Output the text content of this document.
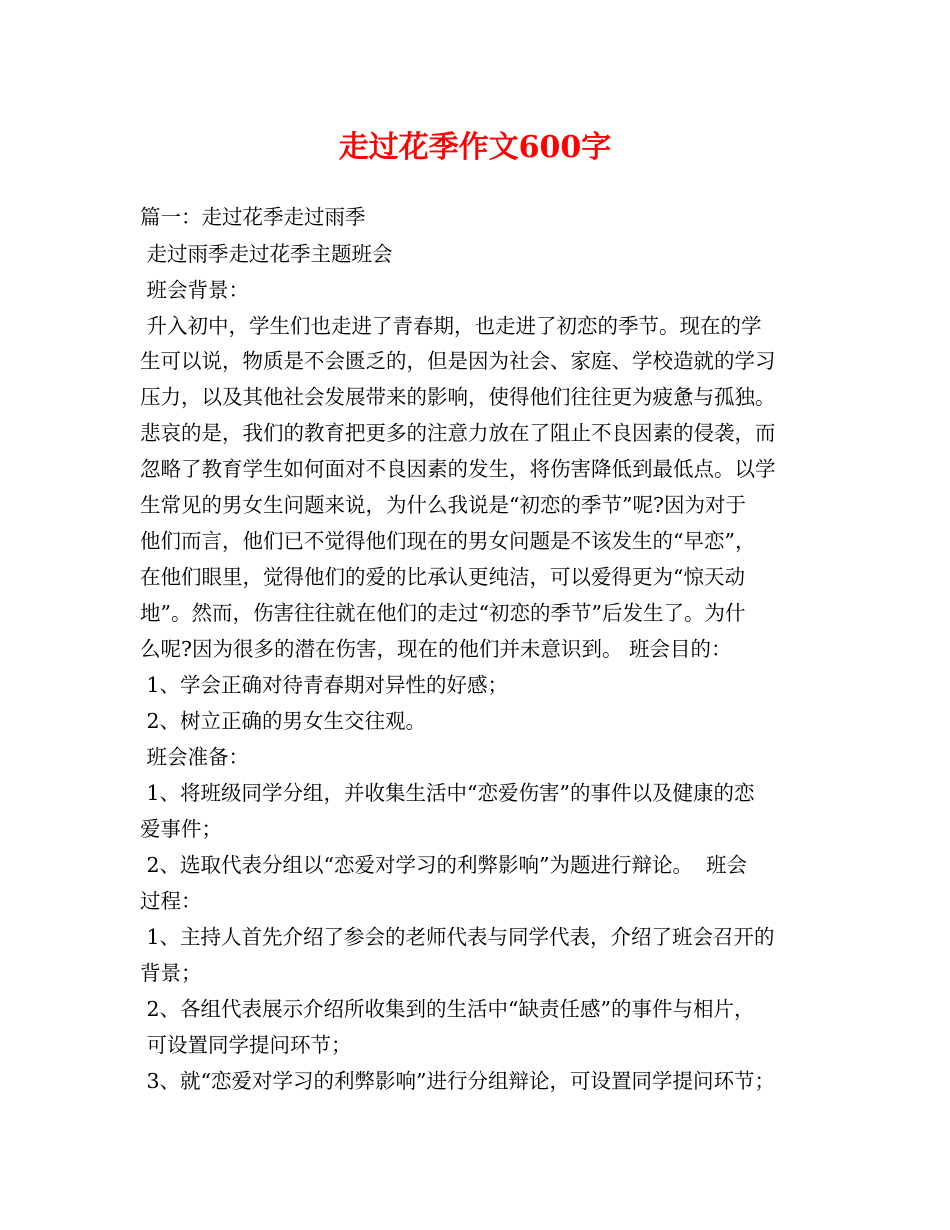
走过花季作文600字

篇一：走过花季走过雨季

走过雨季走过花季主题班会

班会背景：

升入初中，学生们也走进了青春期，也走进了初恋的季节。现在的学

生可以说，物质是不会匮乏的，但是因为社会、家庭、学校造就的学习

压力，以及其他社会发展带来的影响，使得他们往往更为疲惫与孤独。

悲哀的是，我们的教育把更多的注意力放在了阻止不良因素的侵袭，而

忽略了教育学生如何面对不良因素的发生，将伤害降低到最低点。以学

生常见的男女生问题来说，为什么我说是“初恋的季节”呢?因为对于

他们而言，他们已不觉得他们现在的男女问题是不该发生的“早恋”，

在他们眼里，觉得他们的爱的比承认更纯洁，可以爱得更为“惊天动

地”。然而，伤害往往就在他们的走过“初恋的季节”后发生了。为什

么呢?因为很多的潜在伤害，现在的他们并未意识到。 班会目的：

1、学会正确对待青春期对异性的好感；

2、树立正确的男女生交往观。

班会准备：

1、将班级同学分组，并收集生活中“恋爱伤害”的事件以及健康的恋

爱事件；

2、选取代表分组以“恋爱对学习的利弊影响”为题进行辩论。  班会

过程：

1、主持人首先介绍了参会的老师代表与同学代表，介绍了班会召开的

背景；

2、各组代表展示介绍所收集到的生活中“缺责任感”的事件与相片，

可设置同学提问环节；

3、就“恋爱对学习的利弊影响”进行分组辩论，可设置同学提问环节；
